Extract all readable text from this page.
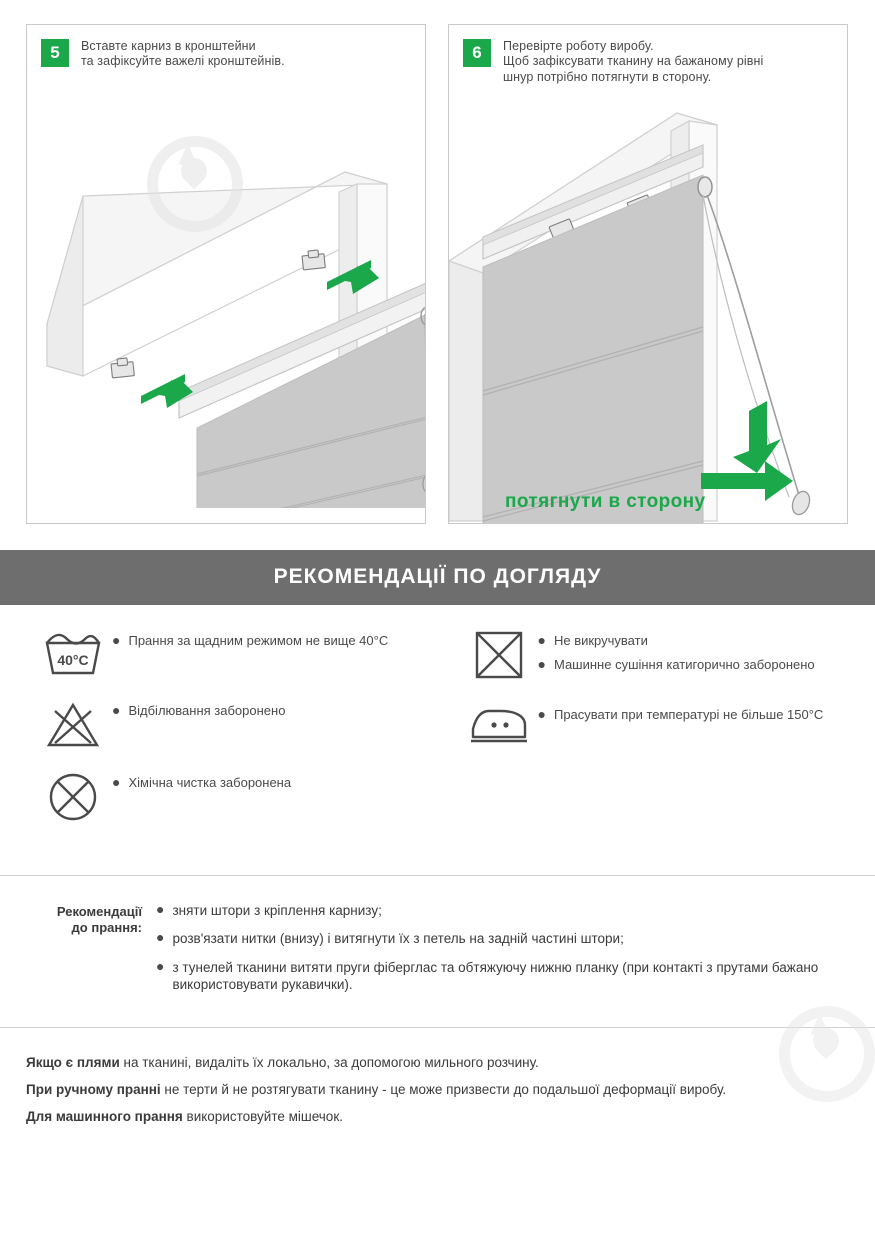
5	Вставте карниз в кронштейни
та зафіксуйте важелі кронштейнів.	6	Перевірте роботу виробу.
Щоб зафіксувати тканину на бажаному рівні
шнур потрібно потягнути в сторону.
потягнути в сторону
РЕКОМЕНДАЦІЇ ПО ДОГЛЯДУ
40°C
● Прання за щадним режимом не вище 40°С
● Відбілювання заборонено
● Хімічна чистка заборонена
● Не викручувати
● Машинне сушіння катигорично заборонено
● Прасувати при температурі не більше 150°С
Рекомендації
до прання:
● зняти штори з кріплення карнизу;
● розв'язати нитки (внизу) і витягнути їх з петель на задній частині штори;
● з тунелей тканини витяти пруги фіберглас та обтяжуючу нижню планку (при контакті з прутами бажано використовувати рукавички).
Якщо є плями на тканині, видаліть їх локально, за допомогою мильного розчину.
При ручному пранні не терти й не розтягувати тканину - це може призвести до подальшої деформації виробу.
Для машинного прання використовуйте мішечок.
